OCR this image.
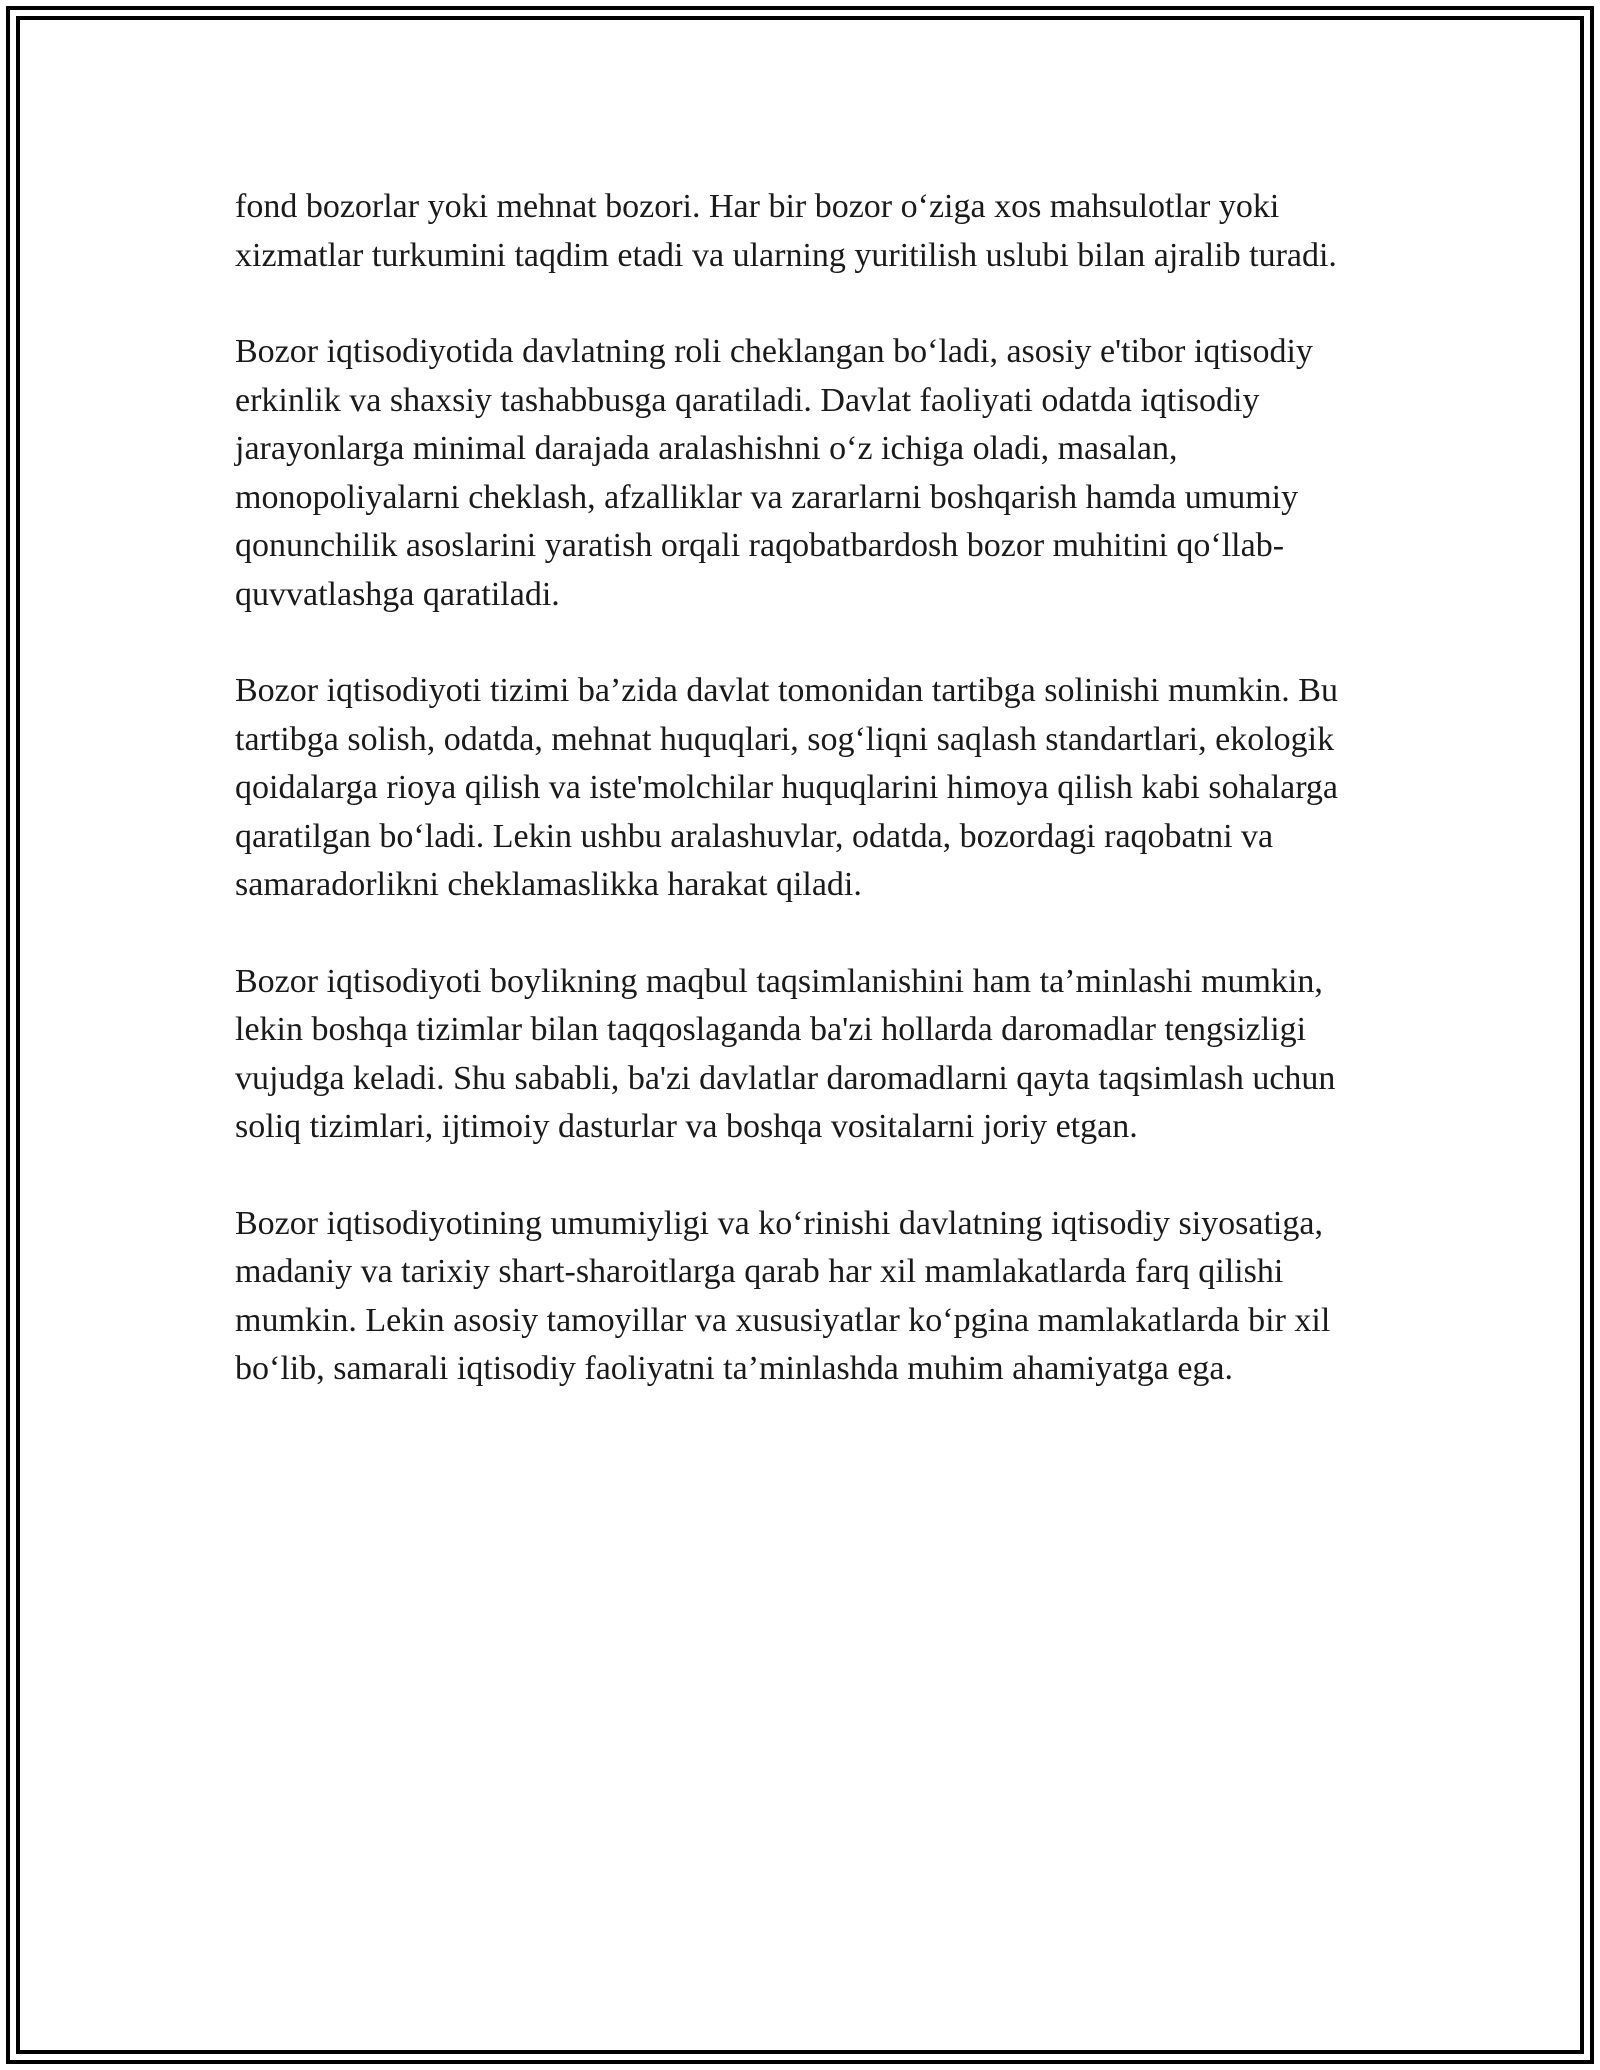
fond bozorlar yoki mehnat bozori. Har bir bozor o‘ziga xos mahsulotlar yoki xizmatlar turkumini taqdim etadi va ularning yuritilish uslubi bilan ajralib turadi.

Bozor iqtisodiyotida davlatning roli cheklangan bo‘ladi, asosiy e'tibor iqtisodiy erkinlik va shaxsiy tashabbusga qaratiladi. Davlat faoliyati odatda iqtisodiy jarayonlarga minimal darajada aralashishni o‘z ichiga oladi, masalan, monopoliyalarni cheklash, afzalliklar va zararlarni boshqarish hamda umumiy qonunchilik asoslarini yaratish orqali raqobatbardosh bozor muhitini qo‘llab-quvvatlashga qaratiladi.

Bozor iqtisodiyoti tizimi ba’zida davlat tomonidan tartibga solinishi mumkin. Bu tartibga solish, odatda, mehnat huquqlari, sog‘liqni saqlash standartlari, ekologik qoidalarga rioya qilish va iste'molchilar huquqlarini himoya qilish kabi sohalarga qaratilgan bo‘ladi. Lekin ushbu aralashuvlar, odatda, bozordagi raqobatni va samaradorlikni cheklamaslikka harakat qiladi.

Bozor iqtisodiyoti boylikning maqbul taqsimlanishini ham ta’minlashi mumkin, lekin boshqa tizimlar bilan taqqoslaganda ba'zi hollarda daromadlar tengsizligi vujudga keladi. Shu sababli, ba'zi davlatlar daromadlarni qayta taqsimlash uchun soliq tizimlari, ijtimoiy dasturlar va boshqa vositalarni joriy etgan.

Bozor iqtisodiyotining umumiyligi va ko‘rinishi davlatning iqtisodiy siyosatiga, madaniy va tarixiy shart-sharoitlarga qarab har xil mamlakatlarda farq qilishi mumkin. Lekin asosiy tamoyillar va xususiyatlar ko‘pgina mamlakatlarda bir xil bo‘lib, samarali iqtisodiy faoliyatni ta’minlashda muhim ahamiyatga ega.
